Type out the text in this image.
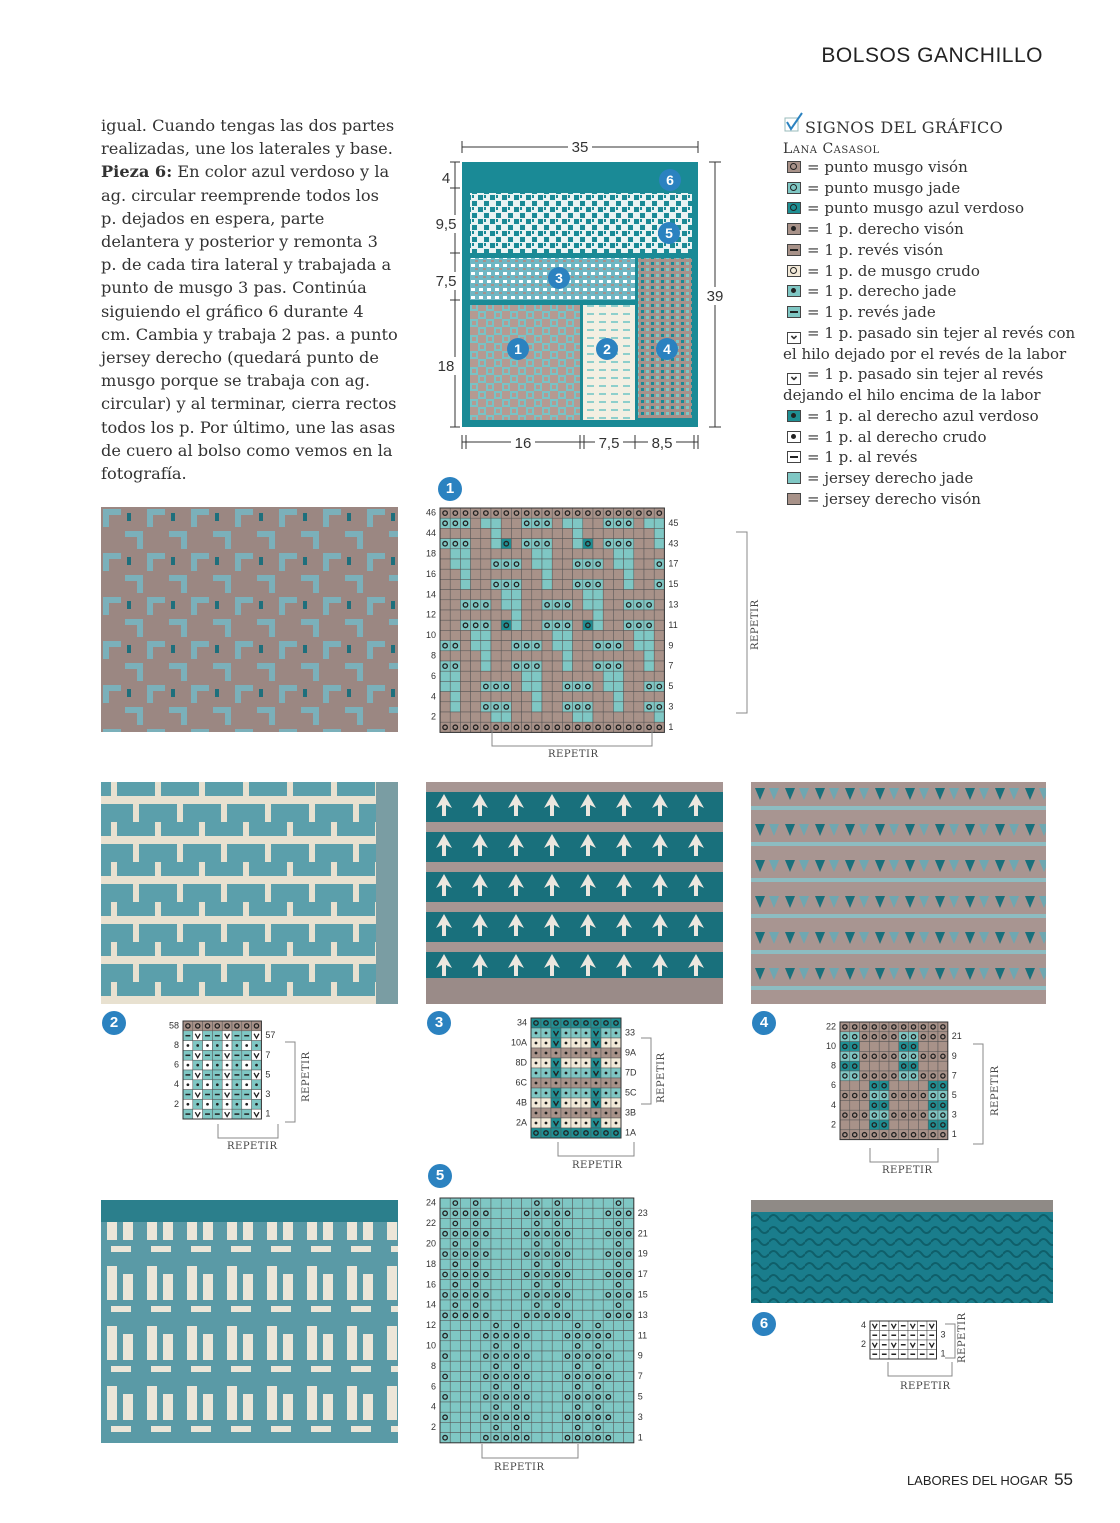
BOLSOS GANCHILLO
igual. Cuando tengas las dos partes realizadas, une los laterales y base. Pieza 6: En color azul verdoso y la ag. circular reemprende todos los p. dejados en espera, parte delantera y posterior y remonta 3 p. de cada tira lateral y trabajada a punto de musgo 3 pas. Continúa siguiendo el gráfico 6 durante 4 cm. Cambia y trabaja 2 pas. a punto jersey derecho (quedará punto de musgo porque se trabaja con ag. circular) y al terminar, cierra rectos todos los p. Por último, une las asas de cuero al bolso como vemos en la fotografía.
35
39
4
9,5
7,5
18
16	7,5 8,5
6
5
3
1	2	4
SIGNOS DEL GRÁFICO
Lana Casasol
= punto musgo visón
= punto musgo jade
= punto musgo azul verdoso
= 1 p. derecho visón
= 1 p. revés visón
= 1 p. de musgo crudo
= 1 p. derecho jade
= 1 p. revés jade
⌄ = 1 p. pasado sin tejer al revés con el hilo dejado por el revés de la labor
⌄ = 1 p. pasado sin tejer al revés dejando el hilo encima de la labor
= 1 p. al derecho azul verdoso
= 1 p. al derecho crudo
= 1 p. al revés
= jersey derecho jade
= jersey derecho visón
1
2	3	4
5
6
46
44
18
16
14
12
10
8
6
4
2
45
43
17
15
13
11
9
7
5
3
1
58
8
6
4
2
57
7
5
3
1
34
10A
8D
6C
4B
2A
33
9A
7D
5C
3B
1A
22
10
8
6
4
2
21
9
7
5
3
1
24
22
20
18
16
14
12
10
8
6
4
2
23
21
19
17
15
13
11
9
7
5
3
1
4
2
3
1
REPETIR
REPETIR
REPETIR
REPETIR
REPETIR
REPETIR
REPETIR
REPETIR
REPETIR
REPETIR
REPETIR
LABORES DEL HOGAR 55
